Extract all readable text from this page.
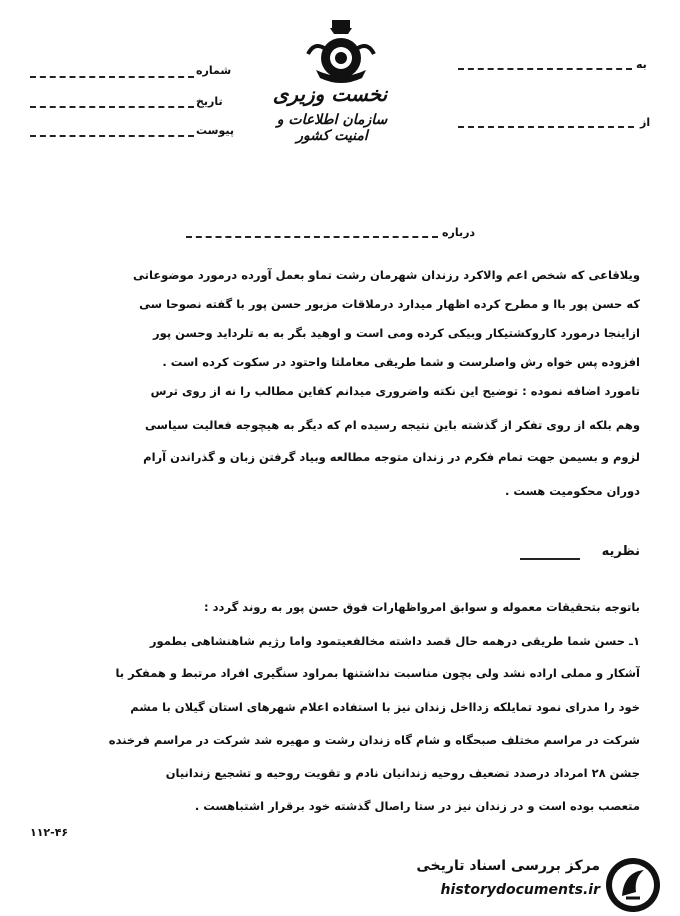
به
از
شماره
تاریخ
پیوست
نخست وزیری
سازمان اطلاعات و امنیت کشور
درباره
ویلاقاعی که شخص اعم والاکرد رزندان شهرمان رشت تماو بعمل آورده درمورد موضوعاتی
که حسن پور باا و مطرح کرده اظهار میدارد درملاقات مزبور حسن پور با گفته نصوحا سی
ازاینجا درمورد کاروکشتیکار وبیکی کرده ومی است و اوهید بگر به به تلرداید وحسن پور
افزوده پس خواه رش واصلرست و شما طریقی معاملتا واحتود در سکوت کرده است .
تامورد اضافه نموده : توضیح این نکته واضروری میدانم کفاین مطالب را نه از روی ترس
وهم بلکه از روی تفکر از گذشته باین نتیجه رسیده ام که دیگر به هیچوجه فعالیت سیاسی
لزوم و بسیمن جهت تمام فکرم در زندان متوجه مطالعه وبیاد گرفتن زبان و گذراندن آرام
دوران محکومیت هست .
نظریه
باتوجه بتحقیقات معموله و سوابق امرواظهارات فوق حسن پور به روند گردد :
۱ـ حسن شما طریقی درهمه حال قصد داشته مخالفعیتمود واما رژیم شاهنشاهی بطمور
آشکار و مملی اراده نشد ولی بچون مناسبت نداشتنها بمراود سنگیری افراد مرتبط و همفکر با
خود را مدرای نمود تمایلکه زدااخل زندان نیز با استفاده اعلام شهرهای استان گیلان با مشم
شرکت در مراسم مختلف صبحگاه و شام گاه زندان رشت و مهیره شد شرکت در مراسم فرخنده
جشن ۲۸ امرداد درصدد تضعیف روحیه زندانیان نادم و تقویت روحیه و تشجیع زندانیان
متعصب بوده است و در زندان نیز در ستا راصال گذشته خود برقرار اشتباهست .
۱۱۲-۴۶
مرکز بررسی اسناد تاریخی
historydocuments.ir
